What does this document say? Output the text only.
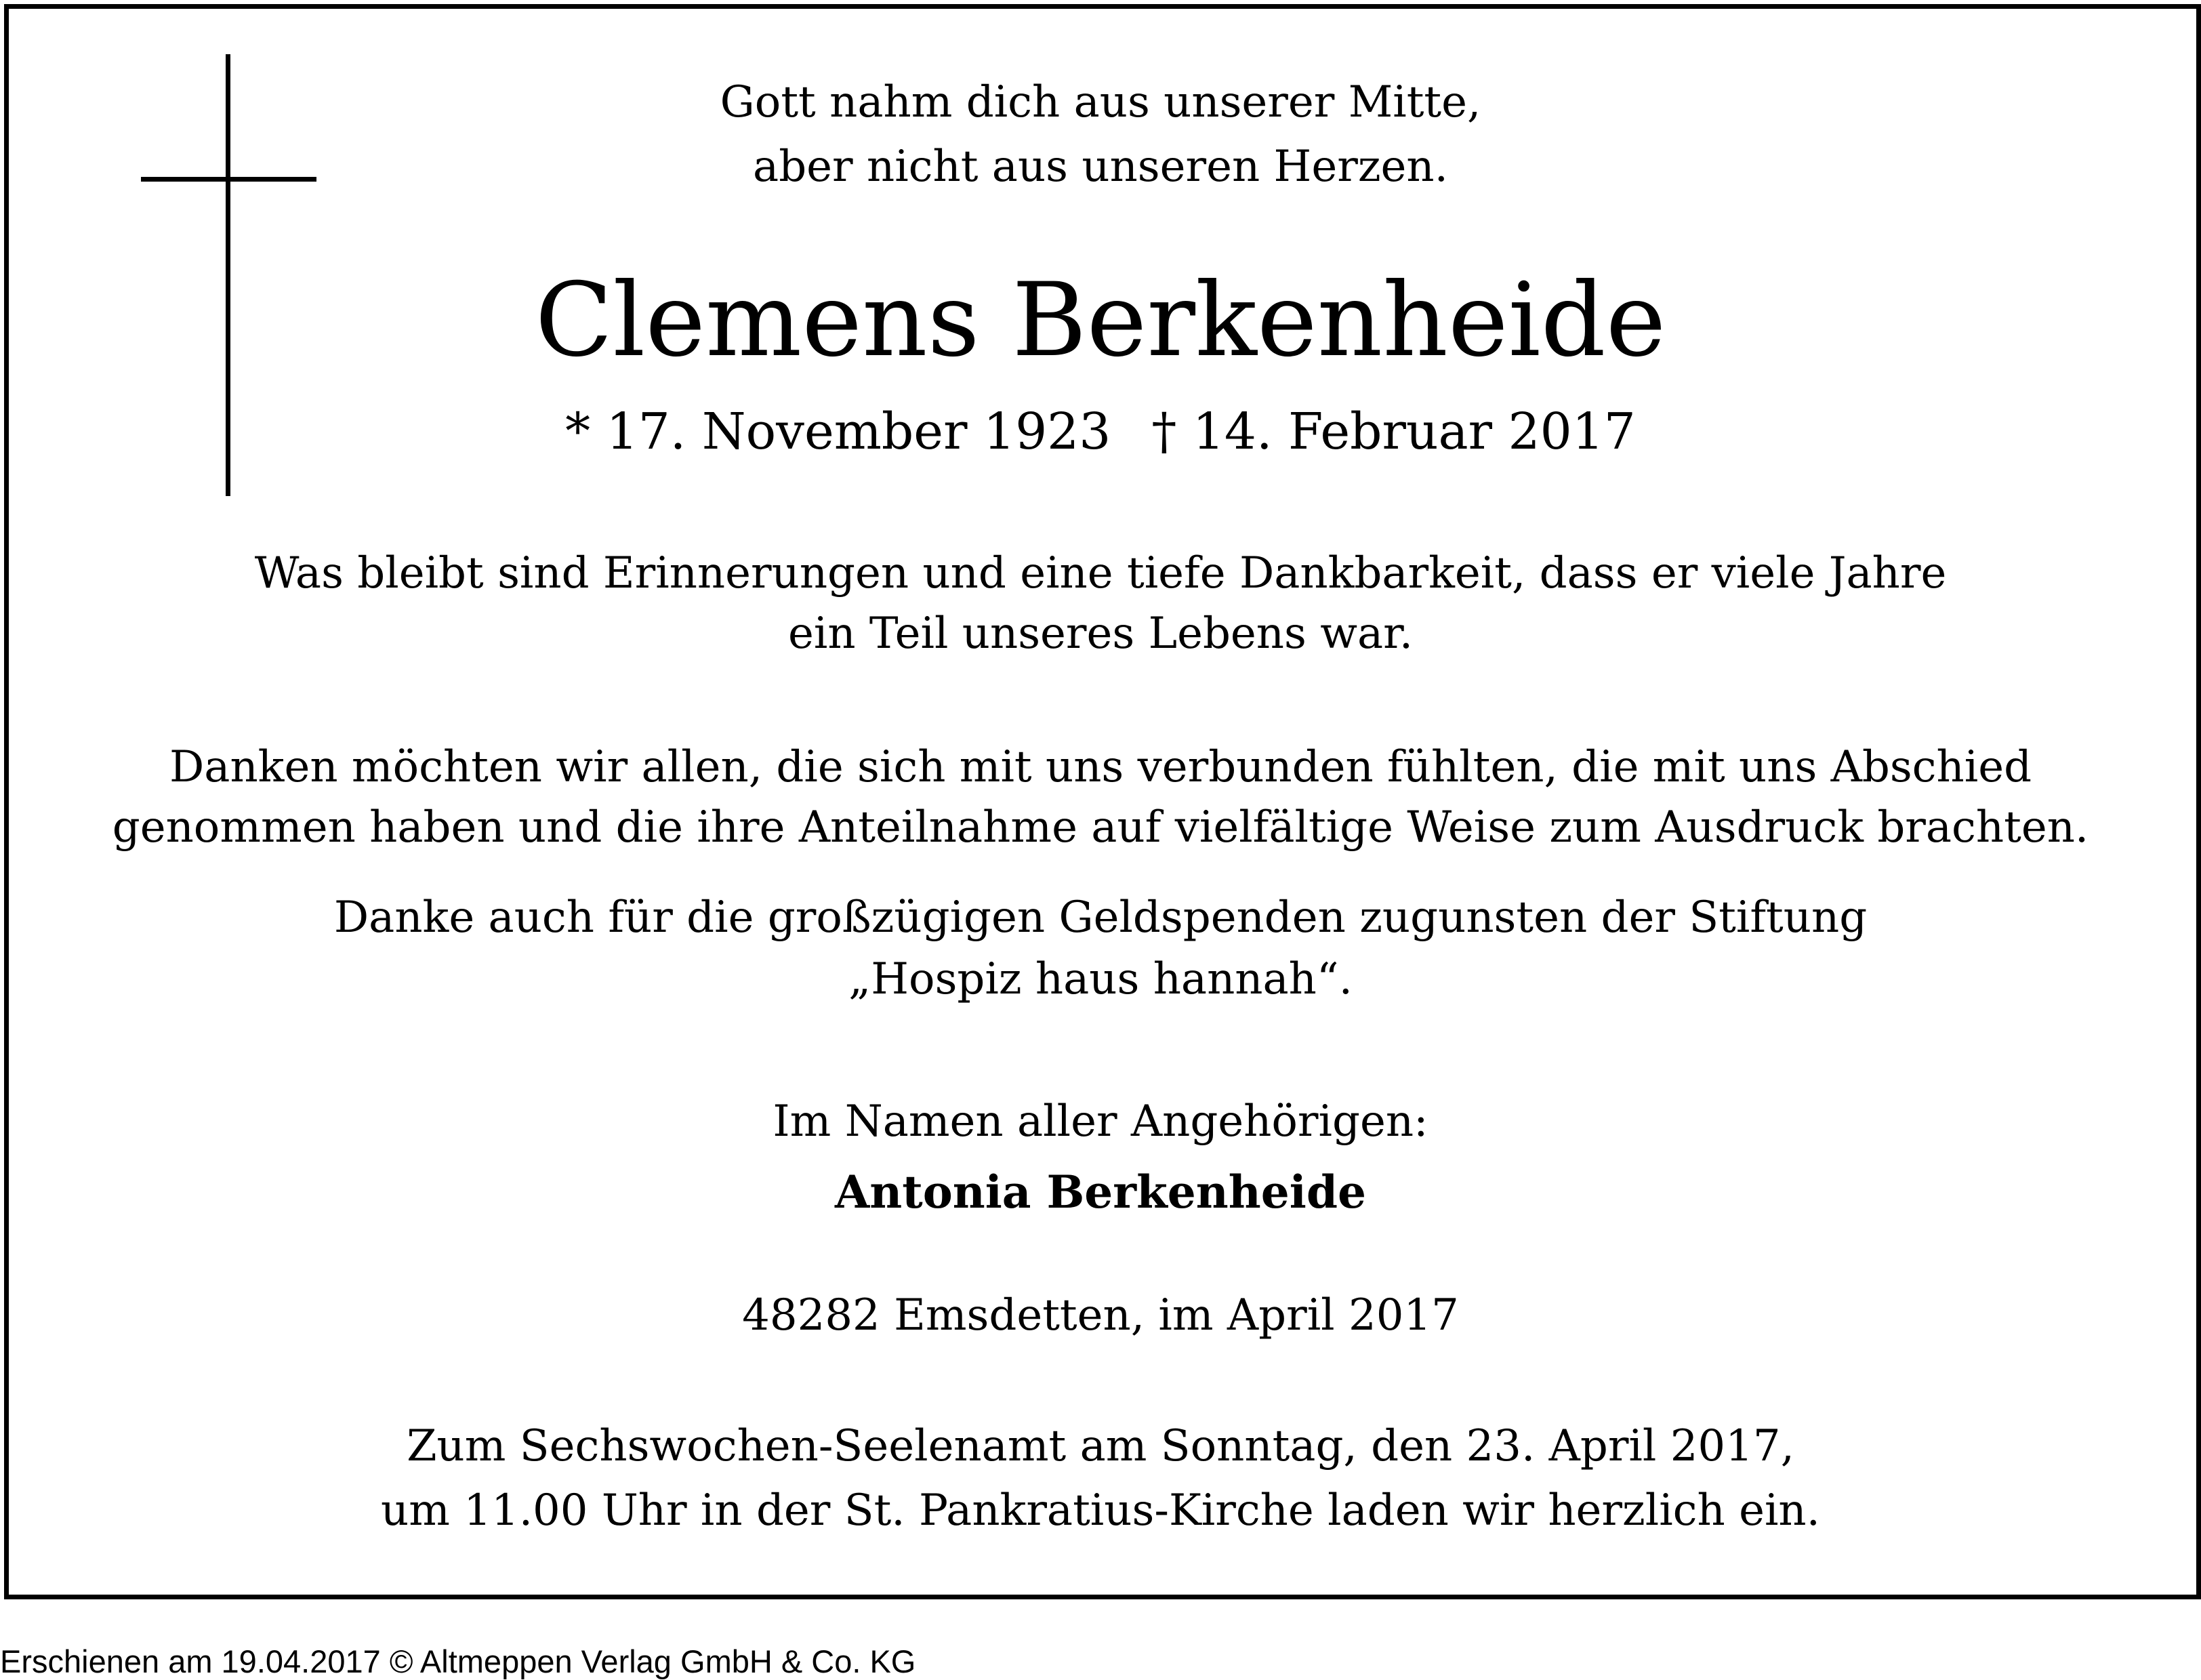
Gott nahm dich aus unserer Mitte,
aber nicht aus unseren Herzen.
Clemens Berkenheide
* 17. November 1923 † 14. Februar 2017
Was bleibt sind Erinnerungen und eine tiefe Dankbarkeit, dass er viele Jahre
ein Teil unseres Lebens war.
Danken möchten wir allen, die sich mit uns verbunden fühlten, die mit uns Abschied
genommen haben und die ihre Anteilnahme auf vielfältige Weise zum Ausdruck brachten.
Danke auch für die großzügigen Geldspenden zugunsten der Stiftung
„Hospiz haus hannah“.
Im Namen aller Angehörigen:
Antonia Berkenheide
48282 Emsdetten, im April 2017
Zum Sechswochen-Seelenamt am Sonntag, den 23. April 2017,
um 11.00 Uhr in der St. Pankratius-Kirche laden wir herzlich ein.
Erschienen am 19.04.2017 © Altmeppen Verlag GmbH & Co. KG
